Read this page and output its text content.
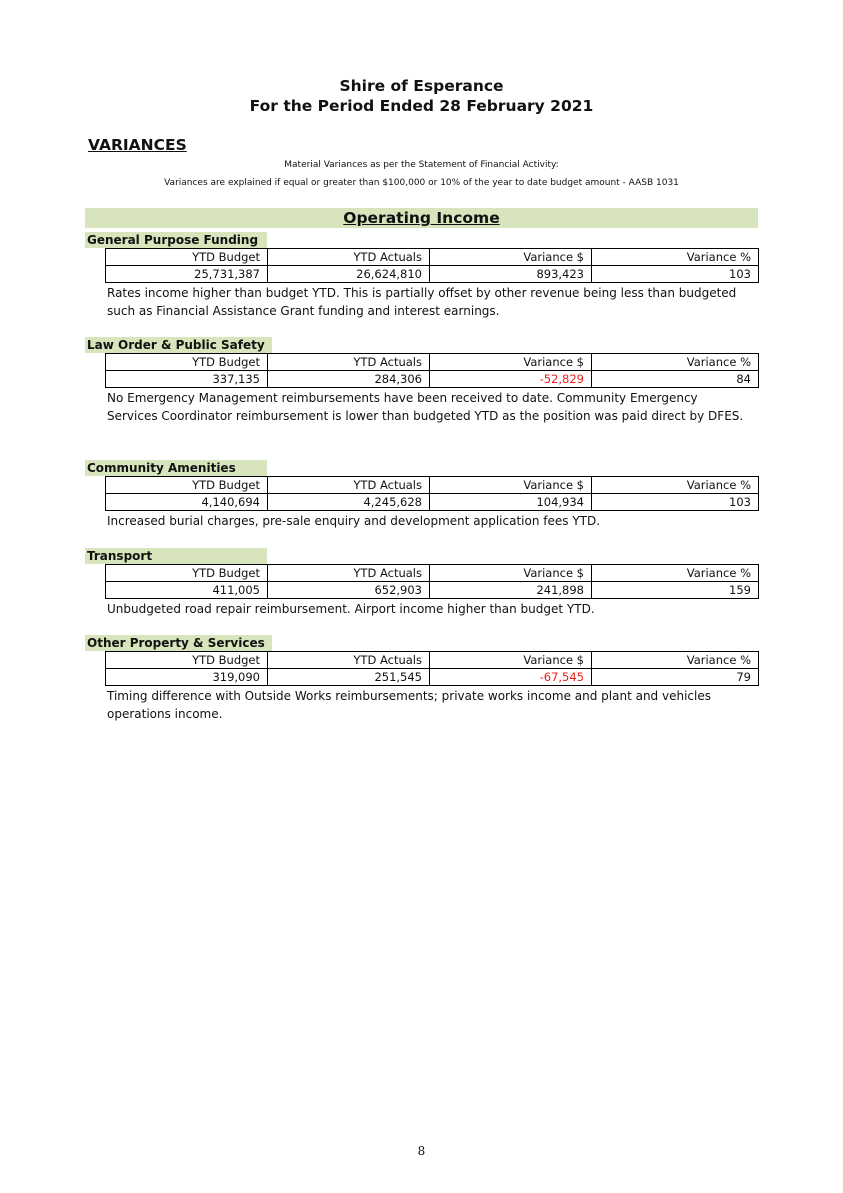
Shire of Esperance
For the Period Ended 28 February 2021
VARIANCES
Material Variances as per the Statement of Financial Activity:
Variances are explained if equal or greater than $100,000 or 10% of the year to date budget amount - AASB 1031
Operating Income
General Purpose Funding
YTD Budget	YTD Actuals	Variance $	Variance %
25,731,387	26,624,810	893,423	103
Rates income higher than budget YTD. This is partially offset by other revenue being less than budgeted such as Financial Assistance Grant funding and interest earnings.
Law Order & Public Safety
YTD Budget	YTD Actuals	Variance $	Variance %
337,135	284,306	-52,829	84
No Emergency Management reimbursements have been received to date. Community Emergency Services Coordinator reimbursement is lower than budgeted YTD as the position was paid direct by DFES.
Community Amenities
YTD Budget	YTD Actuals	Variance $	Variance %
4,140,694	4,245,628	104,934	103
Increased burial charges, pre-sale enquiry and development application fees YTD.
Transport
YTD Budget	YTD Actuals	Variance $	Variance %
411,005	652,903	241,898	159
Unbudgeted road repair reimbursement. Airport income higher than budget YTD.
Other Property & Services
YTD Budget	YTD Actuals	Variance $	Variance %
319,090	251,545	-67,545	79
Timing difference with Outside Works reimbursements; private works income and plant and vehicles operations income.
8
